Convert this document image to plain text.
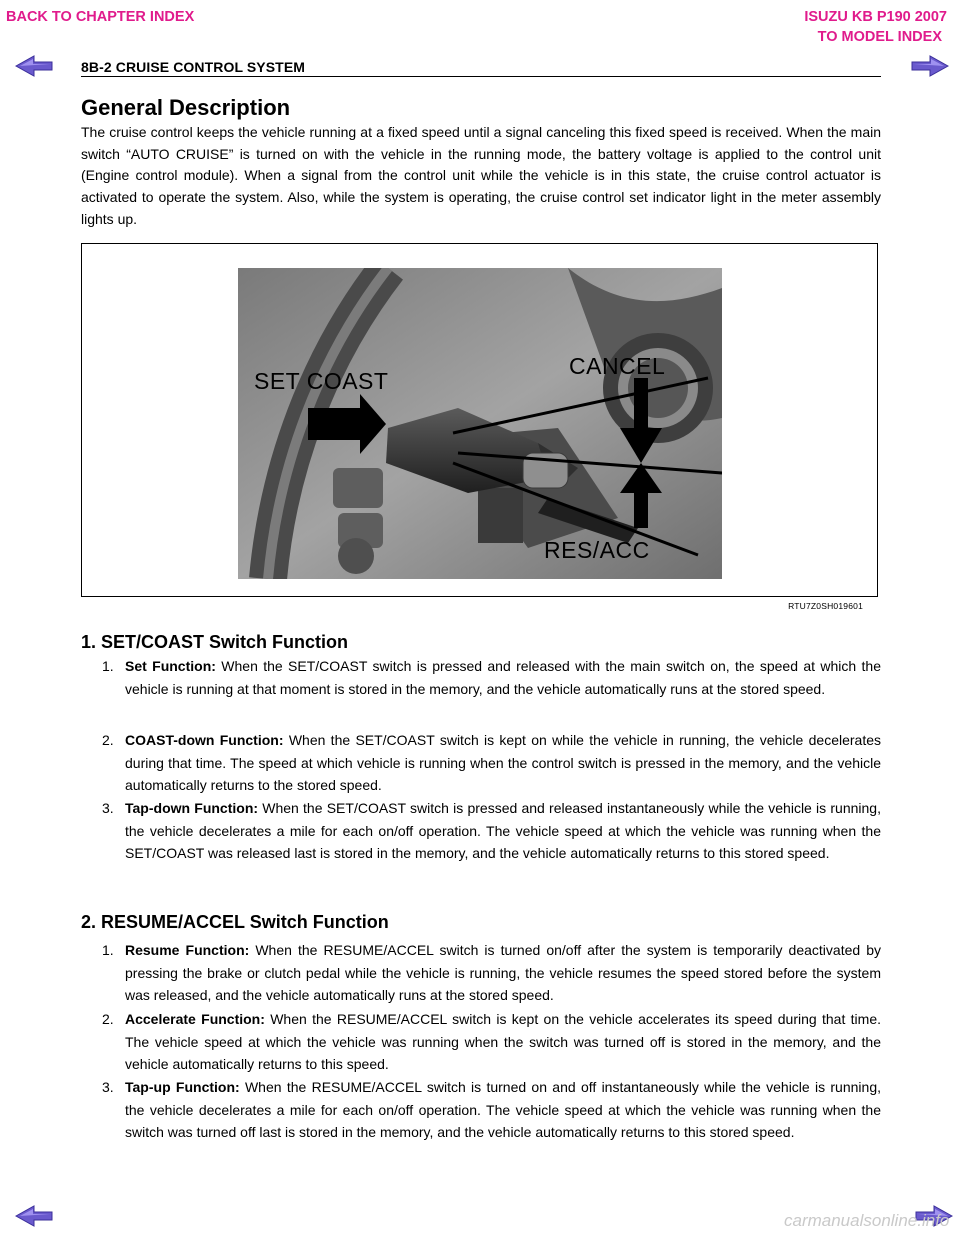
BACK TO CHAPTER INDEX	ISUZU KB P190 2007
TO MODEL INDEX
8B-2 CRUISE CONTROL SYSTEM
General Description
The cruise control keeps the vehicle running at a fixed speed until a signal canceling this fixed speed is received. When the main switch “AUTO CRUISE” is turned on with the vehicle in the running mode, the battery voltage is applied to the control unit (Engine control module). When a signal from the control unit while the vehicle is in this state, the cruise control actuator is activated to operate the system. Also, while the system is operating, the cruise control set indicator light in the meter assembly lights up.
SET COAST
CANCEL
RES/ACC
RTU7Z0SH019601
1. SET/COAST Switch Function
1. Set Function: When the SET/COAST switch is pressed and released with the main switch on, the speed at which the vehicle is running at that moment is stored in the memory, and the vehicle automatically runs at the stored speed.
2. COAST-down Function: When the SET/COAST switch is kept on while the vehicle in running, the vehicle decelerates during that time. The speed at which vehicle is running when the control switch is pressed in the memory, and the vehicle automatically returns to the stored speed.
3. Tap-down Function: When the SET/COAST switch is pressed and released instantaneously while the vehicle is running, the vehicle decelerates a mile for each on/off operation. The vehicle speed at which the vehicle was running when the SET/COAST was released last is stored in the memory, and the vehicle automatically returns to this stored speed.
2. RESUME/ACCEL Switch Function
1. Resume Function: When the RESUME/ACCEL switch is turned on/off after the system is temporarily deactivated by pressing the brake or clutch pedal while the vehicle is running, the vehicle resumes the speed stored before the system was released, and the vehicle automatically runs at the stored speed.
2. Accelerate Function: When the RESUME/ACCEL switch is kept on the vehicle accelerates its speed during that time. The vehicle speed at which the vehicle was running when the switch was turned off is stored in the memory, and the vehicle automatically returns to this speed.
3. Tap-up Function: When the RESUME/ACCEL switch is turned on and off instantaneously while the vehicle is running, the vehicle decelerates a mile for each on/off operation. The vehicle speed at which the vehicle was running when the switch was turned off last is stored in the memory, and the vehicle automatically returns to this stored speed.
carmanualsonline.info
